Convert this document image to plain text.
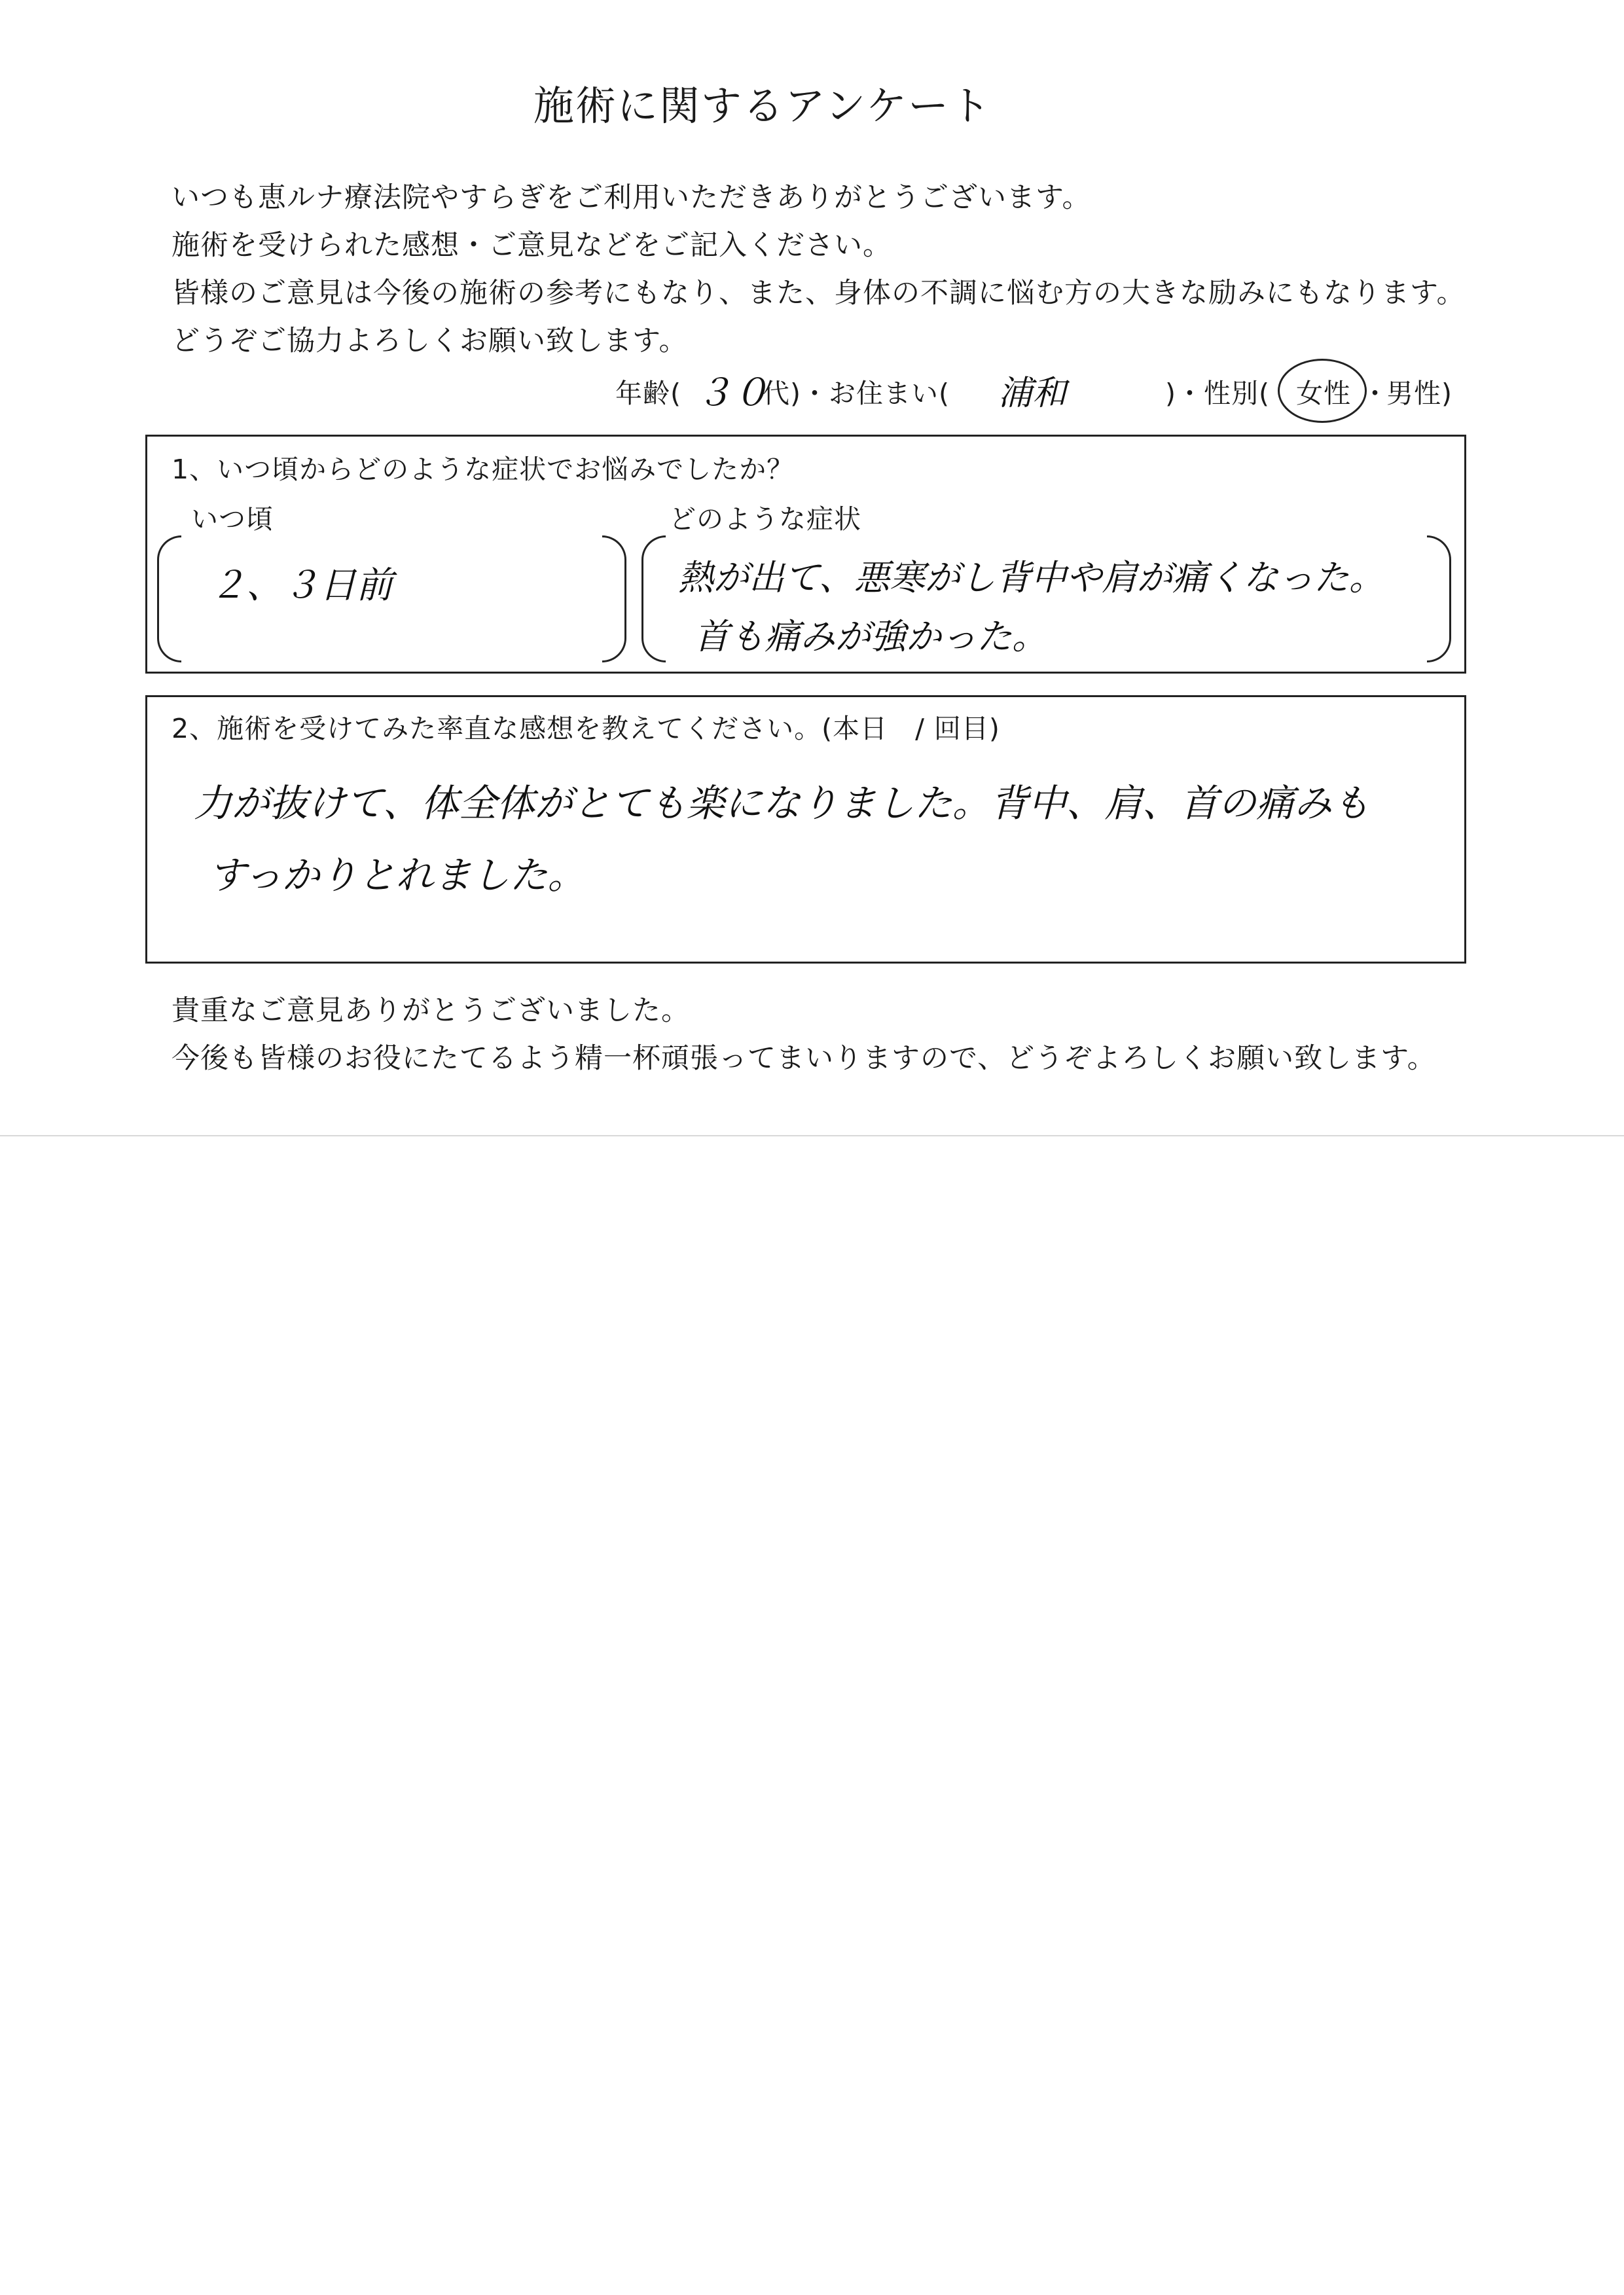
施術に関するアンケート
いつも恵ルナ療法院やすらぎをご利用いただきありがとうございます。
施術を受けられた感想・ご意見などをご記入ください。
皆様のご意見は今後の施術の参考にもなり、また、身体の不調に悩む方の大きな励みにもなります。
どうぞご協力よろしくお願い致します。
年齢( ３０
代)・お住まい( 浦和	)・性別( 女性 ・
男性)
1、いつ頃からどのような症状でお悩みでしたか？
いつ頃	どのような症状
２、３日前	熱が出て、悪寒がし背中や肩が痛くなった。
首も痛みが強かった。
2、施術を受けてみた率直な感想を教えてください。(本日　/ 回目)
力が抜けて、体全体がとても楽になりました。背中、肩、首の痛みも
すっかりとれました。
貴重なご意見ありがとうございました。
今後も皆様のお役にたてるよう精一杯頑張ってまいりますので、どうぞよろしくお願い致します。
